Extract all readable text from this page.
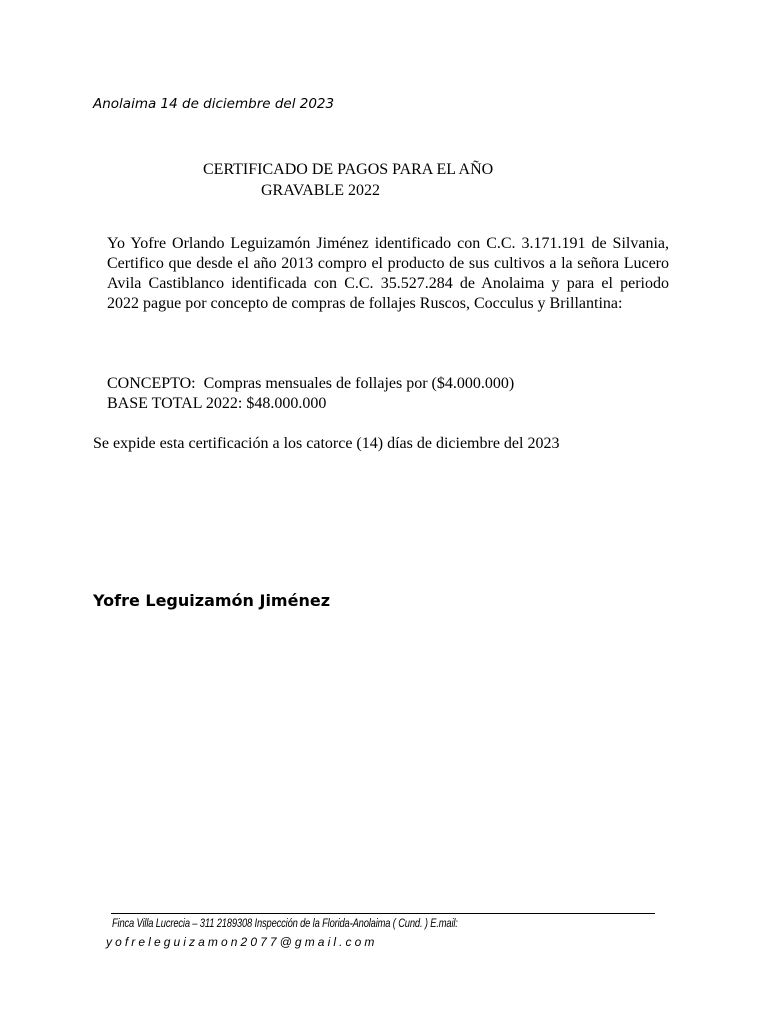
Anolaima 14 de diciembre del 2023
CERTIFICADO DE PAGOS PARA EL AÑO
GRAVABLE 2022

Yo Yofre Orlando Leguizamón Jiménez identificado con C.C. 3.171.191 de Silvania, Certifico que desde el año 2013 compro el producto de sus cultivos a la señora Lucero Avila Castiblanco identificada con C.C. 35.527.284 de Anolaima y para el periodo 2022 pague por concepto de compras de follajes Ruscos, Cocculus y Brillantina:

CONCEPTO: Compras mensuales de follajes por ($4.000.000)
BASE TOTAL 2022: $48.000.000
Se expide esta certificación a los catorce (14) días de diciembre del 2023
Yofre Leguizamón Jiménez
Finca Villa Lucrecia – 311 2189308 Inspección de la Florida-Anolaima ( Cund. ) E.mail:
yofreleguizamon2077@gmail.com
